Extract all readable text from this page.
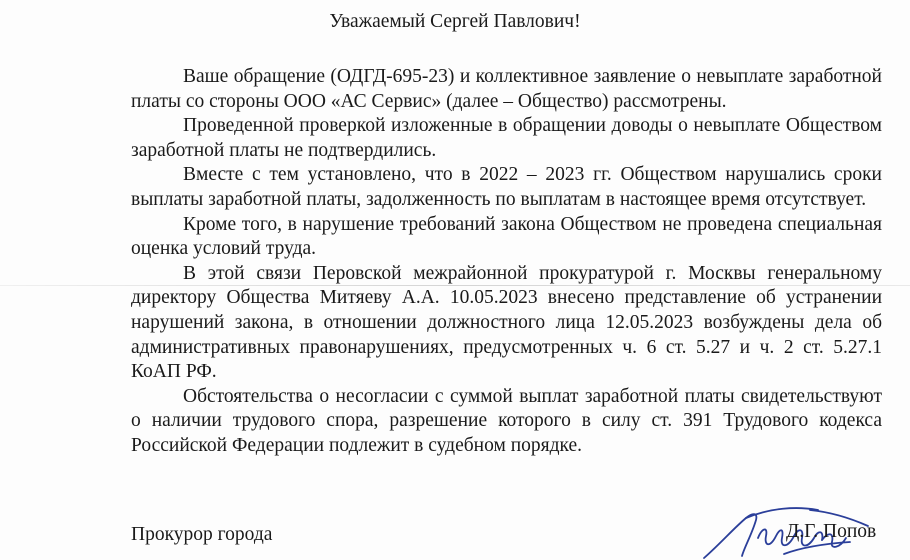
Уважаемый Сергей Павлович!

Ваше обращение (ОДГД-695-23) и коллективное заявление о невыплате заработной платы со стороны ООО «АС Сервис» (далее – Общество) рассмотрены.

Проведенной проверкой изложенные в обращении доводы о невыплате Обществом заработной платы не подтвердились.

Вместе с тем установлено, что в 2022 – 2023 гг. Обществом нарушались сроки выплаты заработной платы, задолженность по выплатам в настоящее время отсутствует.

Кроме того, в нарушение требований закона Обществом не проведена специальная оценка условий труда.

В этой связи Перовской межрайонной прокуратурой г. Москвы генеральному директору Общества Митяеву А.А. 10.05.2023 внесено представление об устранении нарушений закона, в отношении должностного лица 12.05.2023 возбуждены дела об административных правонарушениях, предусмотренных ч. 6 ст. 5.27 и ч. 2 ст. 5.27.1 КоАП РФ.

Обстоятельства о несогласии с суммой выплат заработной платы свидетельствуют о наличии трудового спора, разрешение которого в силу ст. 391 Трудового кодекса Российской Федерации подлежит в судебном порядке.

Прокурор города	Д.Г. Попов
